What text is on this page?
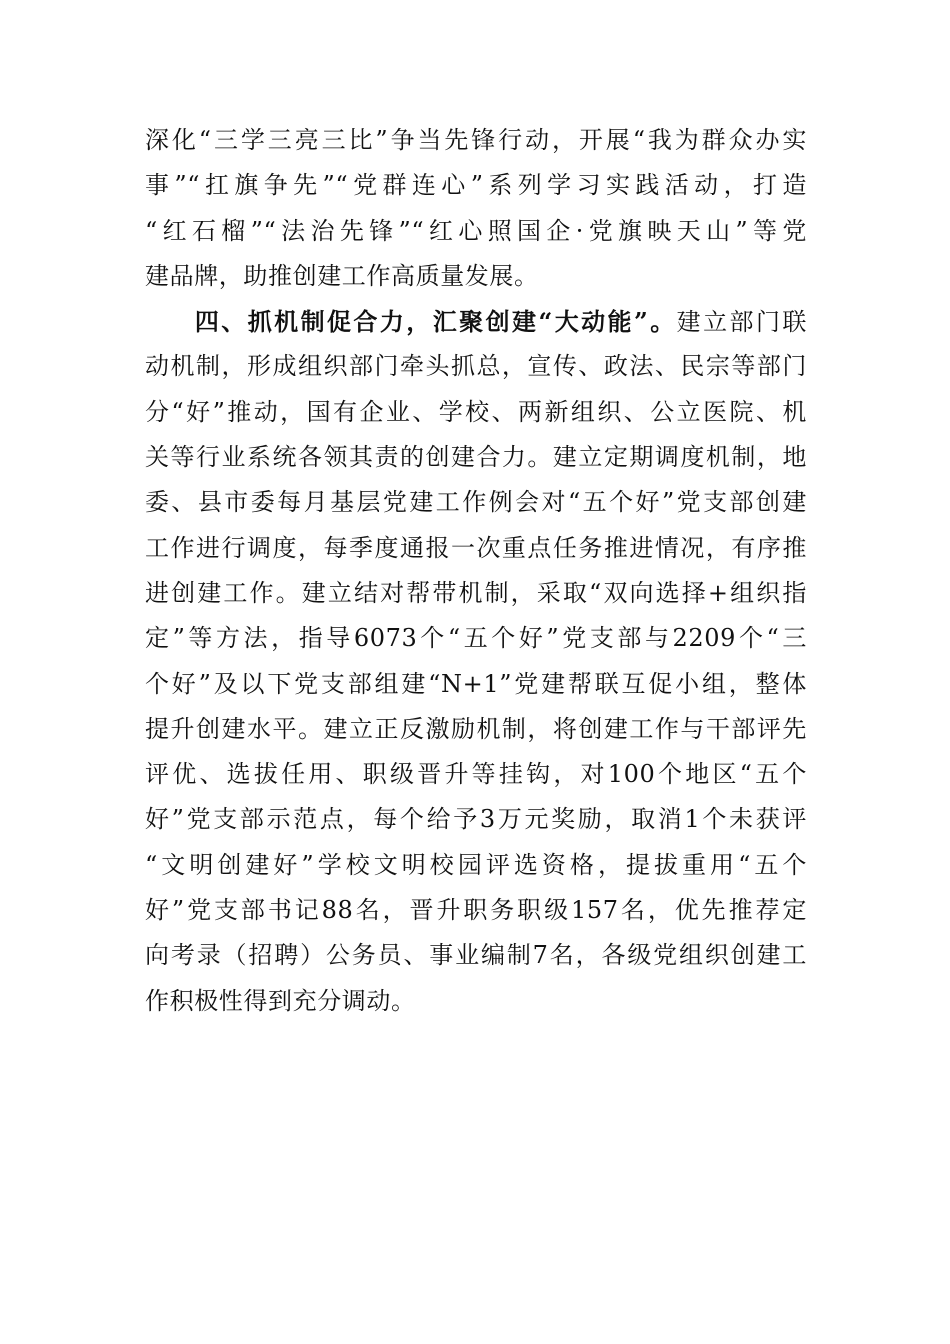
深化“三学三亮三比”争当先锋行动，开展“我为群众办实
事”“扛旗争先”“党群连心”系列学习实践活动，打造
“红石榴”“法治先锋”“红心照国企·党旗映天山”等党
建品牌，助推创建工作高质量发展。
四、抓机制促合力，汇聚创建“大动能”。建立部门联
动机制，形成组织部门牵头抓总，宣传、政法、民宗等部门
分“好”推动，国有企业、学校、两新组织、公立医院、机
关等行业系统各领其责的创建合力。建立定期调度机制，地
委、县市委每月基层党建工作例会对“五个好”党支部创建
工作进行调度，每季度通报一次重点任务推进情况，有序推
进创建工作。建立结对帮带机制，采取“双向选择+组织指
定”等方法，指导6073个“五个好”党支部与2209个“三
个好”及以下党支部组建“N+1”党建帮联互促小组，整体
提升创建水平。建立正反激励机制，将创建工作与干部评先
评优、选拔任用、职级晋升等挂钩，对100个地区“五个
好”党支部示范点，每个给予3万元奖励，取消1个未获评
“文明创建好”学校文明校园评选资格，提拔重用“五个
好”党支部书记88名，晋升职务职级157名，优先推荐定
向考录（招聘）公务员、事业编制7名，各级党组织创建工
作积极性得到充分调动。
